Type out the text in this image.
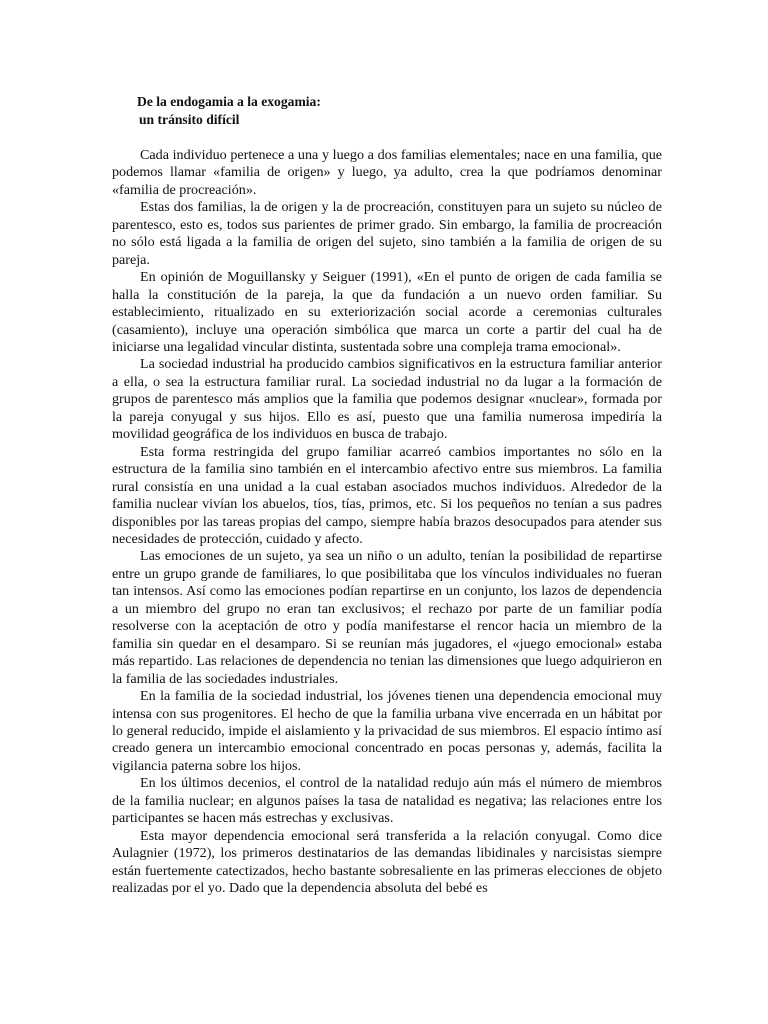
De la endogamia a la exogamia:
un tránsito difícil

Cada individuo pertenece a una y luego a dos familias elementales; nace en una familia, que podemos llamar «familia de origen» y luego, ya adulto, crea la que podríamos denominar «familia de procreación».

Estas dos familias, la de origen y la de procreación, constituyen para un sujeto su núcleo de parentesco, esto es, todos sus parientes de primer grado. Sin embargo, la familia de procreación no sólo está ligada a la familia de origen del sujeto, sino también a la familia de origen de su pareja.

En opinión de Moguillansky y Seiguer (1991), «En el punto de origen de cada familia se halla la constitución de la pareja, la que da fundación a un nuevo orden familiar. Su establecimiento, ritualizado en su exteriorización social acorde a ceremonias culturales (casamiento), incluye una operación simbólica que marca un corte a partir del cual ha de iniciarse una legalidad vincular distinta, sustentada sobre una compleja trama emocional».

La sociedad industrial ha producido cambios significativos en la estructura familiar anterior a ella, o sea la estructura familiar rural. La sociedad industrial no da lugar a la formación de grupos de parentesco más amplios que la familia que podemos designar «nuclear», formada por la pareja conyugal y sus hijos. Ello es así, puesto que una familia numerosa impediría la movilidad geográfica de los individuos en busca de trabajo.

Esta forma restringida del grupo familiar acarreó cambios importantes no sólo en la estructura de la familia sino también en el intercambio afectivo entre sus miembros. La familia rural consistía en una unidad a la cual estaban asociados muchos individuos. Alrededor de la familia nuclear vivían los abuelos, tíos, tías, primos, etc. Si los pequeños no tenían a sus padres disponibles por las tareas propias del campo, siempre había brazos desocupados para atender sus necesidades de protección, cuidado y afecto.

Las emociones de un sujeto, ya sea un niño o un adulto, tenían la posibilidad de repartirse entre un grupo grande de familiares, lo que posibilitaba que los vínculos individuales no fueran tan intensos. Así como las emociones podían repartirse en un conjunto, los lazos de dependencia a un miembro del grupo no eran tan exclusivos; el rechazo por parte de un familiar podía resolverse con la aceptación de otro y podía manifestarse el rencor hacia un miembro de la familia sin quedar en el desamparo. Si se reunían más jugadores, el «juego emocional» estaba más repartido. Las relaciones de dependencia no tenian las dimensiones que luego adquirieron en la familia de las sociedades industriales.

En la familia de la sociedad industrial, los jóvenes tienen una dependencia emocional muy intensa con sus progenitores. El hecho de que la familia urbana vive encerrada en un hábitat por lo general reducido, impide el aislamiento y la privacidad de sus miembros. El espacio íntimo así creado genera un intercambio emocional concentrado en pocas personas y, además, facilita la vigilancia paterna sobre los hijos.

En los últimos decenios, el control de la natalidad redujo aún más el número de miembros de la familia nuclear; en algunos países la tasa de natalidad es negativa; las relaciones entre los participantes se hacen más estrechas y exclusivas.

Esta mayor dependencia emocional será transferida a la relación conyugal. Como dice Aulagnier (1972), los primeros destinatarios de las demandas libidinales y narcisistas siempre están fuertemente catectizados, hecho bastante sobresaliente en las primeras elecciones de objeto realizadas por el yo. Dado que la dependencia absoluta del bebé es
